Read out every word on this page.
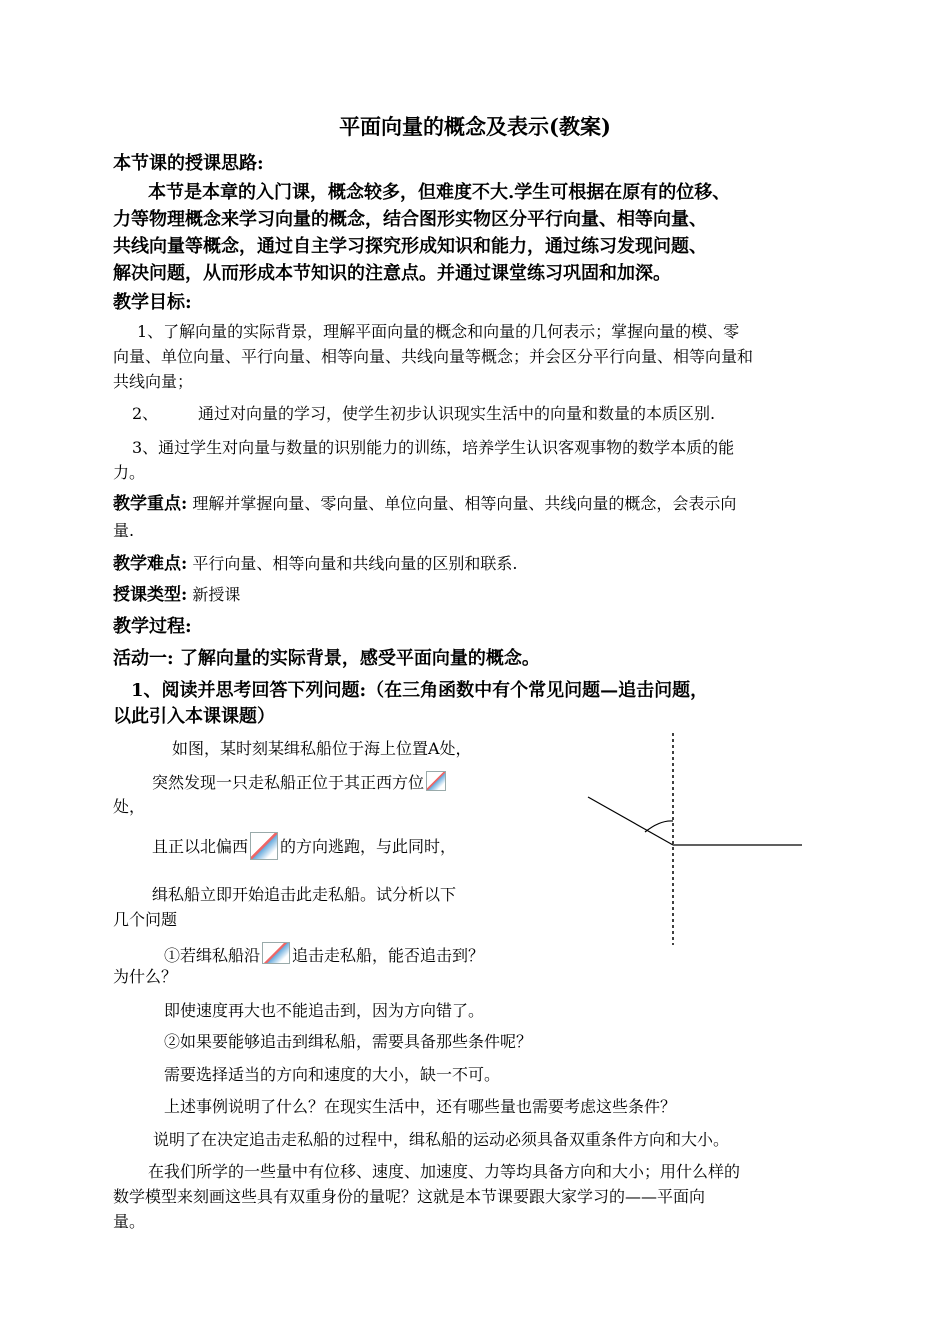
平面向量的概念及表示(教案)
本节课的授课思路:
本节是本章的入门课，概念较多，但难度不大.学生可根据在原有的位移、
力等物理概念来学习向量的概念，结合图形实物区分平行向量、相等向量、
共线向量等概念，通过自主学习探究形成知识和能力，通过练习发现问题、
解决问题，从而形成本节知识的注意点。并通过课堂练习巩固和加深。
教学目标:
1、了解向量的实际背景，理解平面向量的概念和向量的几何表示；掌握向量的模、零
向量、单位向量、平行向量、相等向量、共线向量等概念；并会区分平行向量、相等向量和
共线向量；
2、 通过对向量的学习，使学生初步认识现实生活中的向量和数量的本质区别.
3、通过学生对向量与数量的识别能力的训练，培养学生认识客观事物的数学本质的能
力。
教学重点: 理解并掌握向量、零向量、单位向量、相等向量、共线向量的概念，会表示向
量.
教学难点: 平行向量、相等向量和共线向量的区别和联系.
授课类型: 新授课
教学过程:
活动一: 了解向量的实际背景，感受平面向量的概念。
1、阅读并思考回答下列问题:（在三角函数中有个常见问题—追击问题，
以此引入本课课题）
如图，某时刻某缉私船位于海上位置A处，
突然发现一只走私船正位于其正西方位
处，
且正以北偏西 的方向逃跑，与此同时，
缉私船立即开始追击此走私船。试分析以下
几个问题
①若缉私船沿 追击走私船，能否追击到？
为什么？
即使速度再大也不能追击到，因为方向错了。
②如果要能够追击到缉私船，需要具备那些条件呢？
需要选择适当的方向和速度的大小，缺一不可。
上述事例说明了什么？在现实生活中，还有哪些量也需要考虑这些条件？
说明了在决定追击走私船的过程中，缉私船的运动必须具备双重条件方向和大小。
在我们所学的一些量中有位移、速度、加速度、力等均具备方向和大小；用什么样的
数学模型来刻画这些具有双重身份的量呢？这就是本节课要跟大家学习的——平面向
量。
